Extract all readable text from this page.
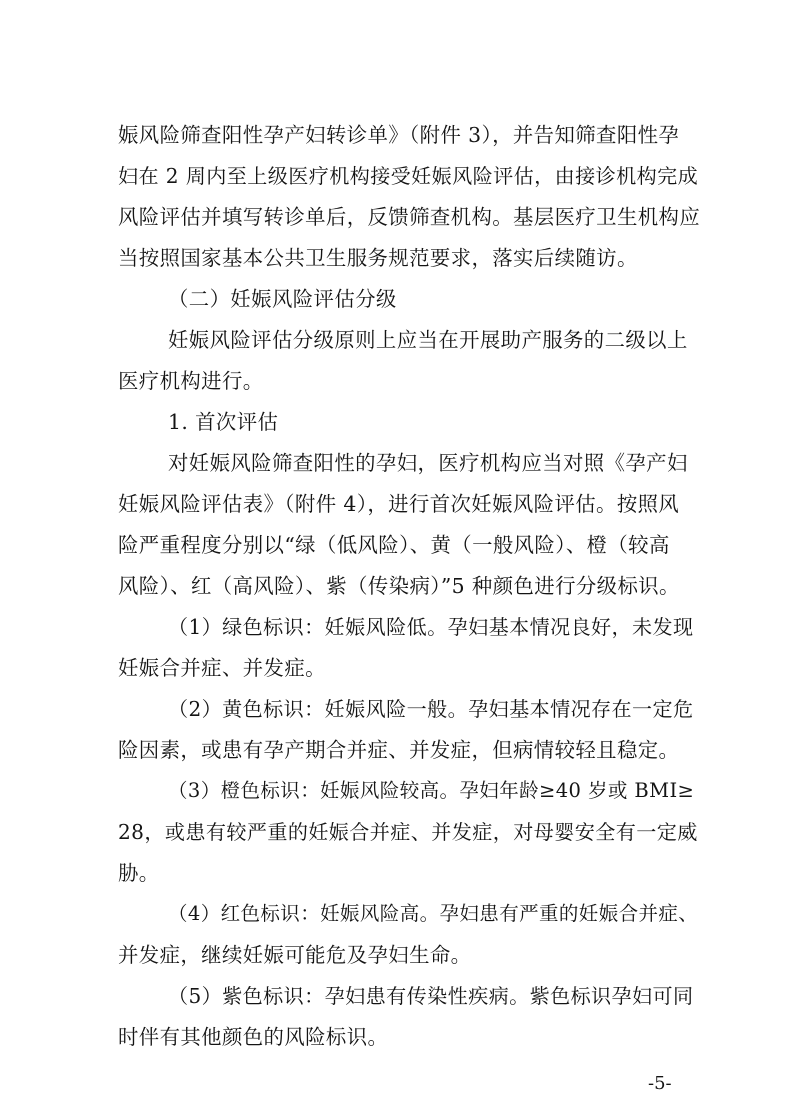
娠风险筛查阳性孕产妇转诊单》（附件 3），并告知筛查阳性孕
妇在 2 周内至上级医疗机构接受妊娠风险评估，由接诊机构完成
风险评估并填写转诊单后，反馈筛查机构。基层医疗卫生机构应
当按照国家基本公共卫生服务规范要求，落实后续随访。
（二）妊娠风险评估分级
妊娠风险评估分级原则上应当在开展助产服务的二级以上
医疗机构进行。
1. 首次评估
对妊娠风险筛查阳性的孕妇，医疗机构应当对照《孕产妇
妊娠风险评估表》（附件 4），进行首次妊娠风险评估。按照风
险严重程度分别以“绿（低风险）、黄（一般风险）、橙（较高
风险）、红（高风险）、紫（传染病）”5 种颜色进行分级标识。
（1）绿色标识：妊娠风险低。孕妇基本情况良好，未发现
妊娠合并症、并发症。
（2）黄色标识：妊娠风险一般。孕妇基本情况存在一定危
险因素，或患有孕产期合并症、并发症，但病情较轻且稳定。
（3）橙色标识：妊娠风险较高。孕妇年龄≥40 岁或 BMI≥
28，或患有较严重的妊娠合并症、并发症，对母婴安全有一定威
胁。
（4）红色标识：妊娠风险高。孕妇患有严重的妊娠合并症、
并发症，继续妊娠可能危及孕妇生命。
（5）紫色标识：孕妇患有传染性疾病。紫色标识孕妇可同
时伴有其他颜色的风险标识。
-5-
